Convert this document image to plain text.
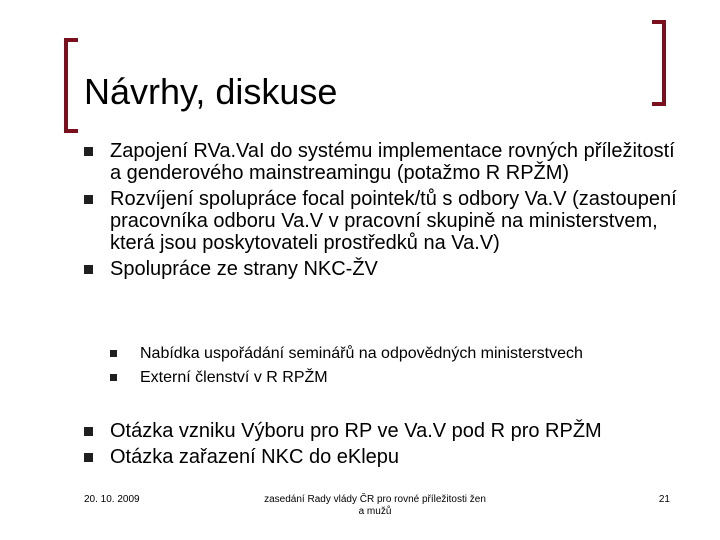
Návrhy, diskuse
Zapojení RVa.VaI do systému implementace rovných příležitostí a genderového mainstreamingu (potažmo R RPŽM)
Rozvíjení spolupráce focal pointek/tů s odbory Va.V (zastoupení pracovníka odboru Va.V v pracovní skupině na ministerstvem, která jsou poskytovateli prostředků na Va.V)
Spolupráce ze strany NKC-ŽV
Nabídka uspořádání seminářů na odpovědných ministerstvech
Externí členství v R RPŽM
Otázka vzniku Výboru pro RP ve Va.V pod R pro RPŽM
Otázka zařazení NKC do eKlepu
20. 10. 2009	zasedání Rady vlády ČR pro rovné příležitosti žen a mužů
21
